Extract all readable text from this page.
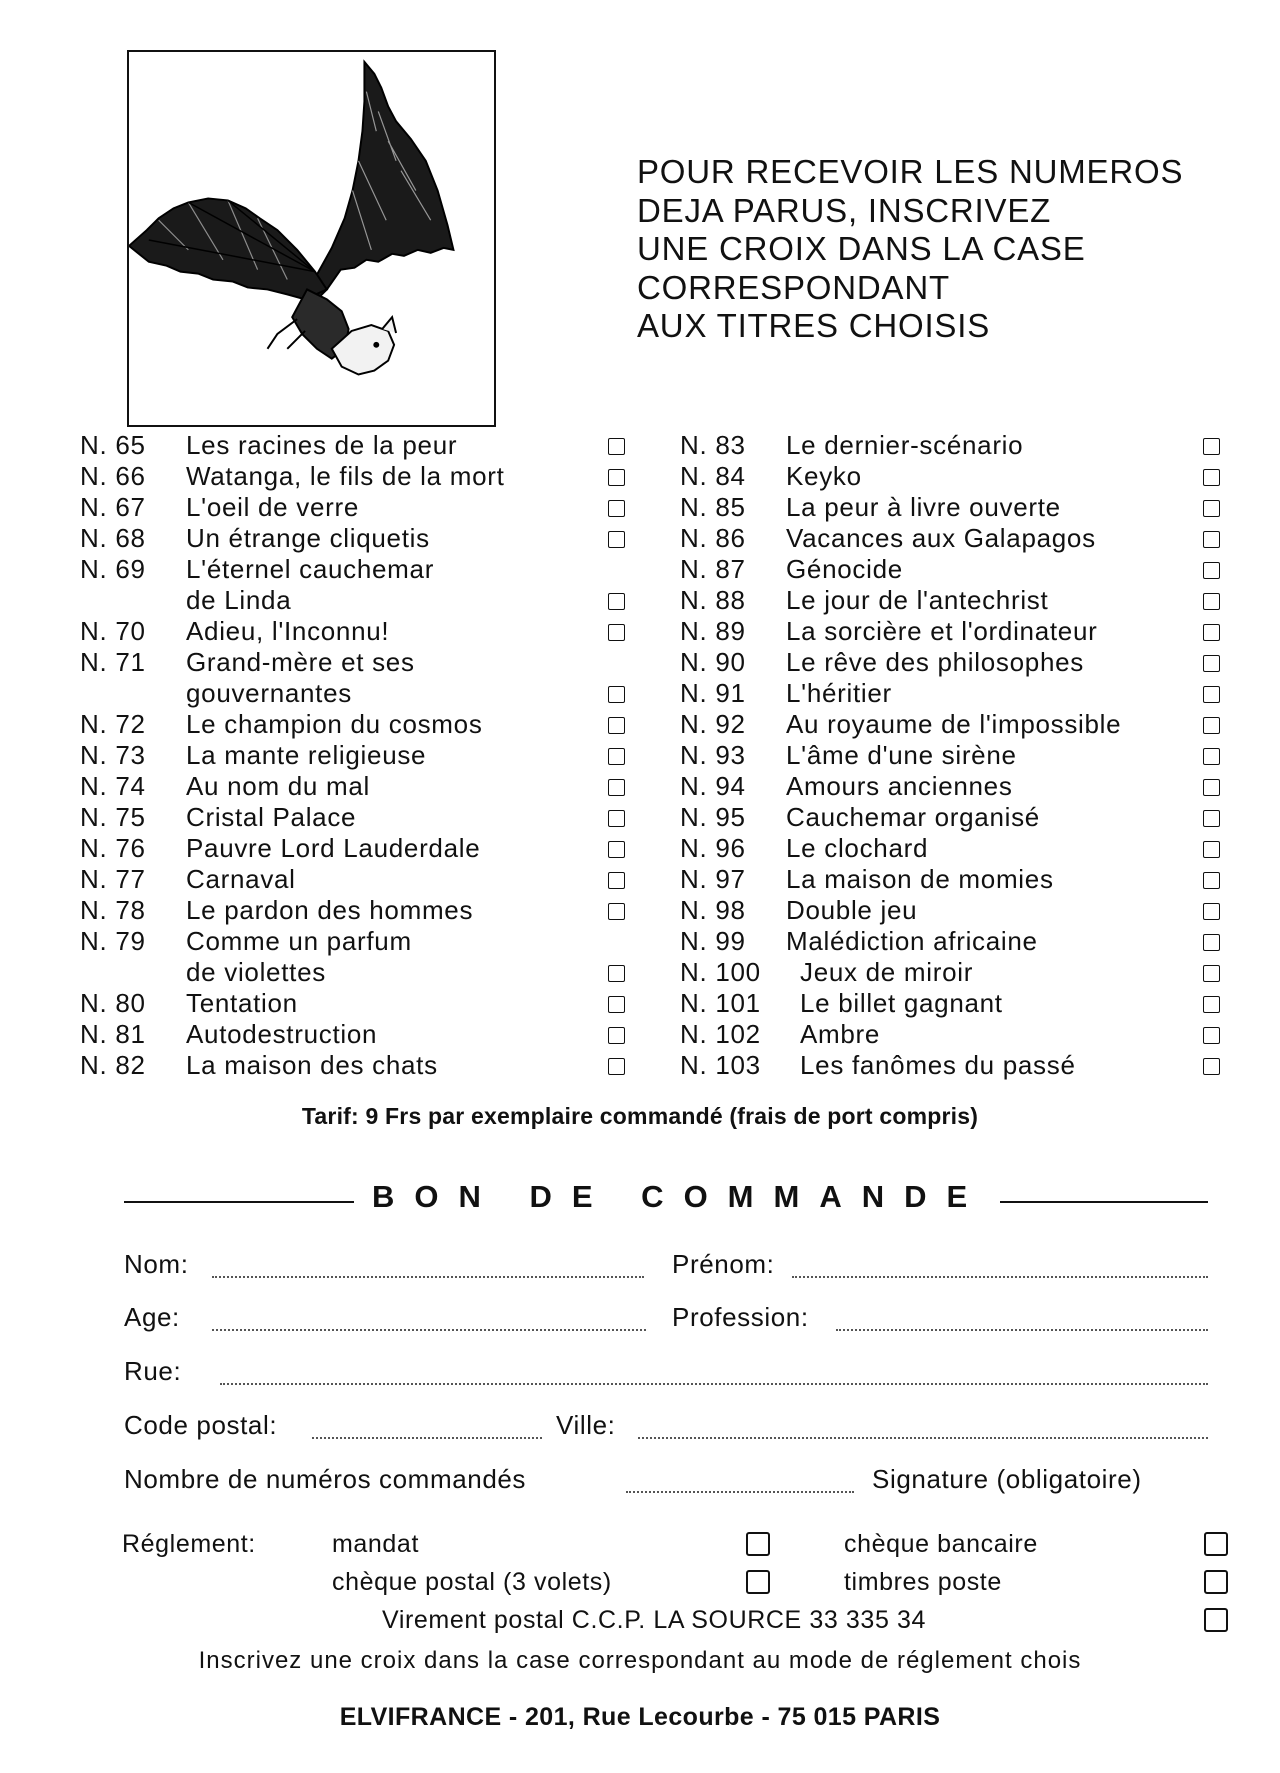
POUR RECEVOIR LES NUMEROS
DEJA PARUS, INSCRIVEZ
UNE CROIX DANS LA CASE
CORRESPONDANT
AUX TITRES CHOISIS
N. 65 Les racines de la peur
N. 66 Watanga, le fils de la mort
N. 67 L'oeil de verre
N. 68 Un étrange cliquetis
N. 69 L'éternel cauchemar
de Linda
N. 70 Adieu, l'Inconnu!
N. 71 Grand-mère et ses
gouvernantes
N. 72 Le champion du cosmos
N. 73 La mante religieuse
N. 74 Au nom du mal
N. 75 Cristal Palace
N. 76 Pauvre Lord Lauderdale
N. 77 Carnaval
N. 78 Le pardon des hommes
N. 79 Comme un parfum
de violettes
N. 80 Tentation
N. 81 Autodestruction
N. 82 La maison des chats
N. 83 Le dernier-scénario
N. 84 Keyko
N. 85 La peur à livre ouverte
N. 86 Vacances aux Galapagos
N. 87 Génocide
N. 88 Le jour de l'antechrist
N. 89 La sorcière et l'ordinateur
N. 90 Le rêve des philosophes
N. 91 L'héritier
N. 92 Au royaume de l'impossible
N. 93 L'âme d'une sirène
N. 94 Amours anciennes
N. 95 Cauchemar organisé
N. 96 Le clochard
N. 97 La maison de momies
N. 98 Double jeu
N. 99 Malédiction africaine
N. 100 Jeux de miroir
N. 101 Le billet gagnant
N. 102 Ambre
N. 103 Les fanômes du passé
Tarif: 9 Frs par exemplaire commandé (frais de port compris)
BON DE COMMANDE
Nom:	Prénom:
Age:	Profession:
Rue:
Code postal:	Ville:
Nombre de numéros commandés	Signature (obligatoire)
Réglement:	mandat	chèque bancaire
chèque postal (3 volets)	timbres poste
Virement postal C.C.P. LA SOURCE 33 335 34
Inscrivez une croix dans la case correspondant au mode de réglement chois
ELVIFRANCE - 201, Rue Lecourbe - 75 015 PARIS
